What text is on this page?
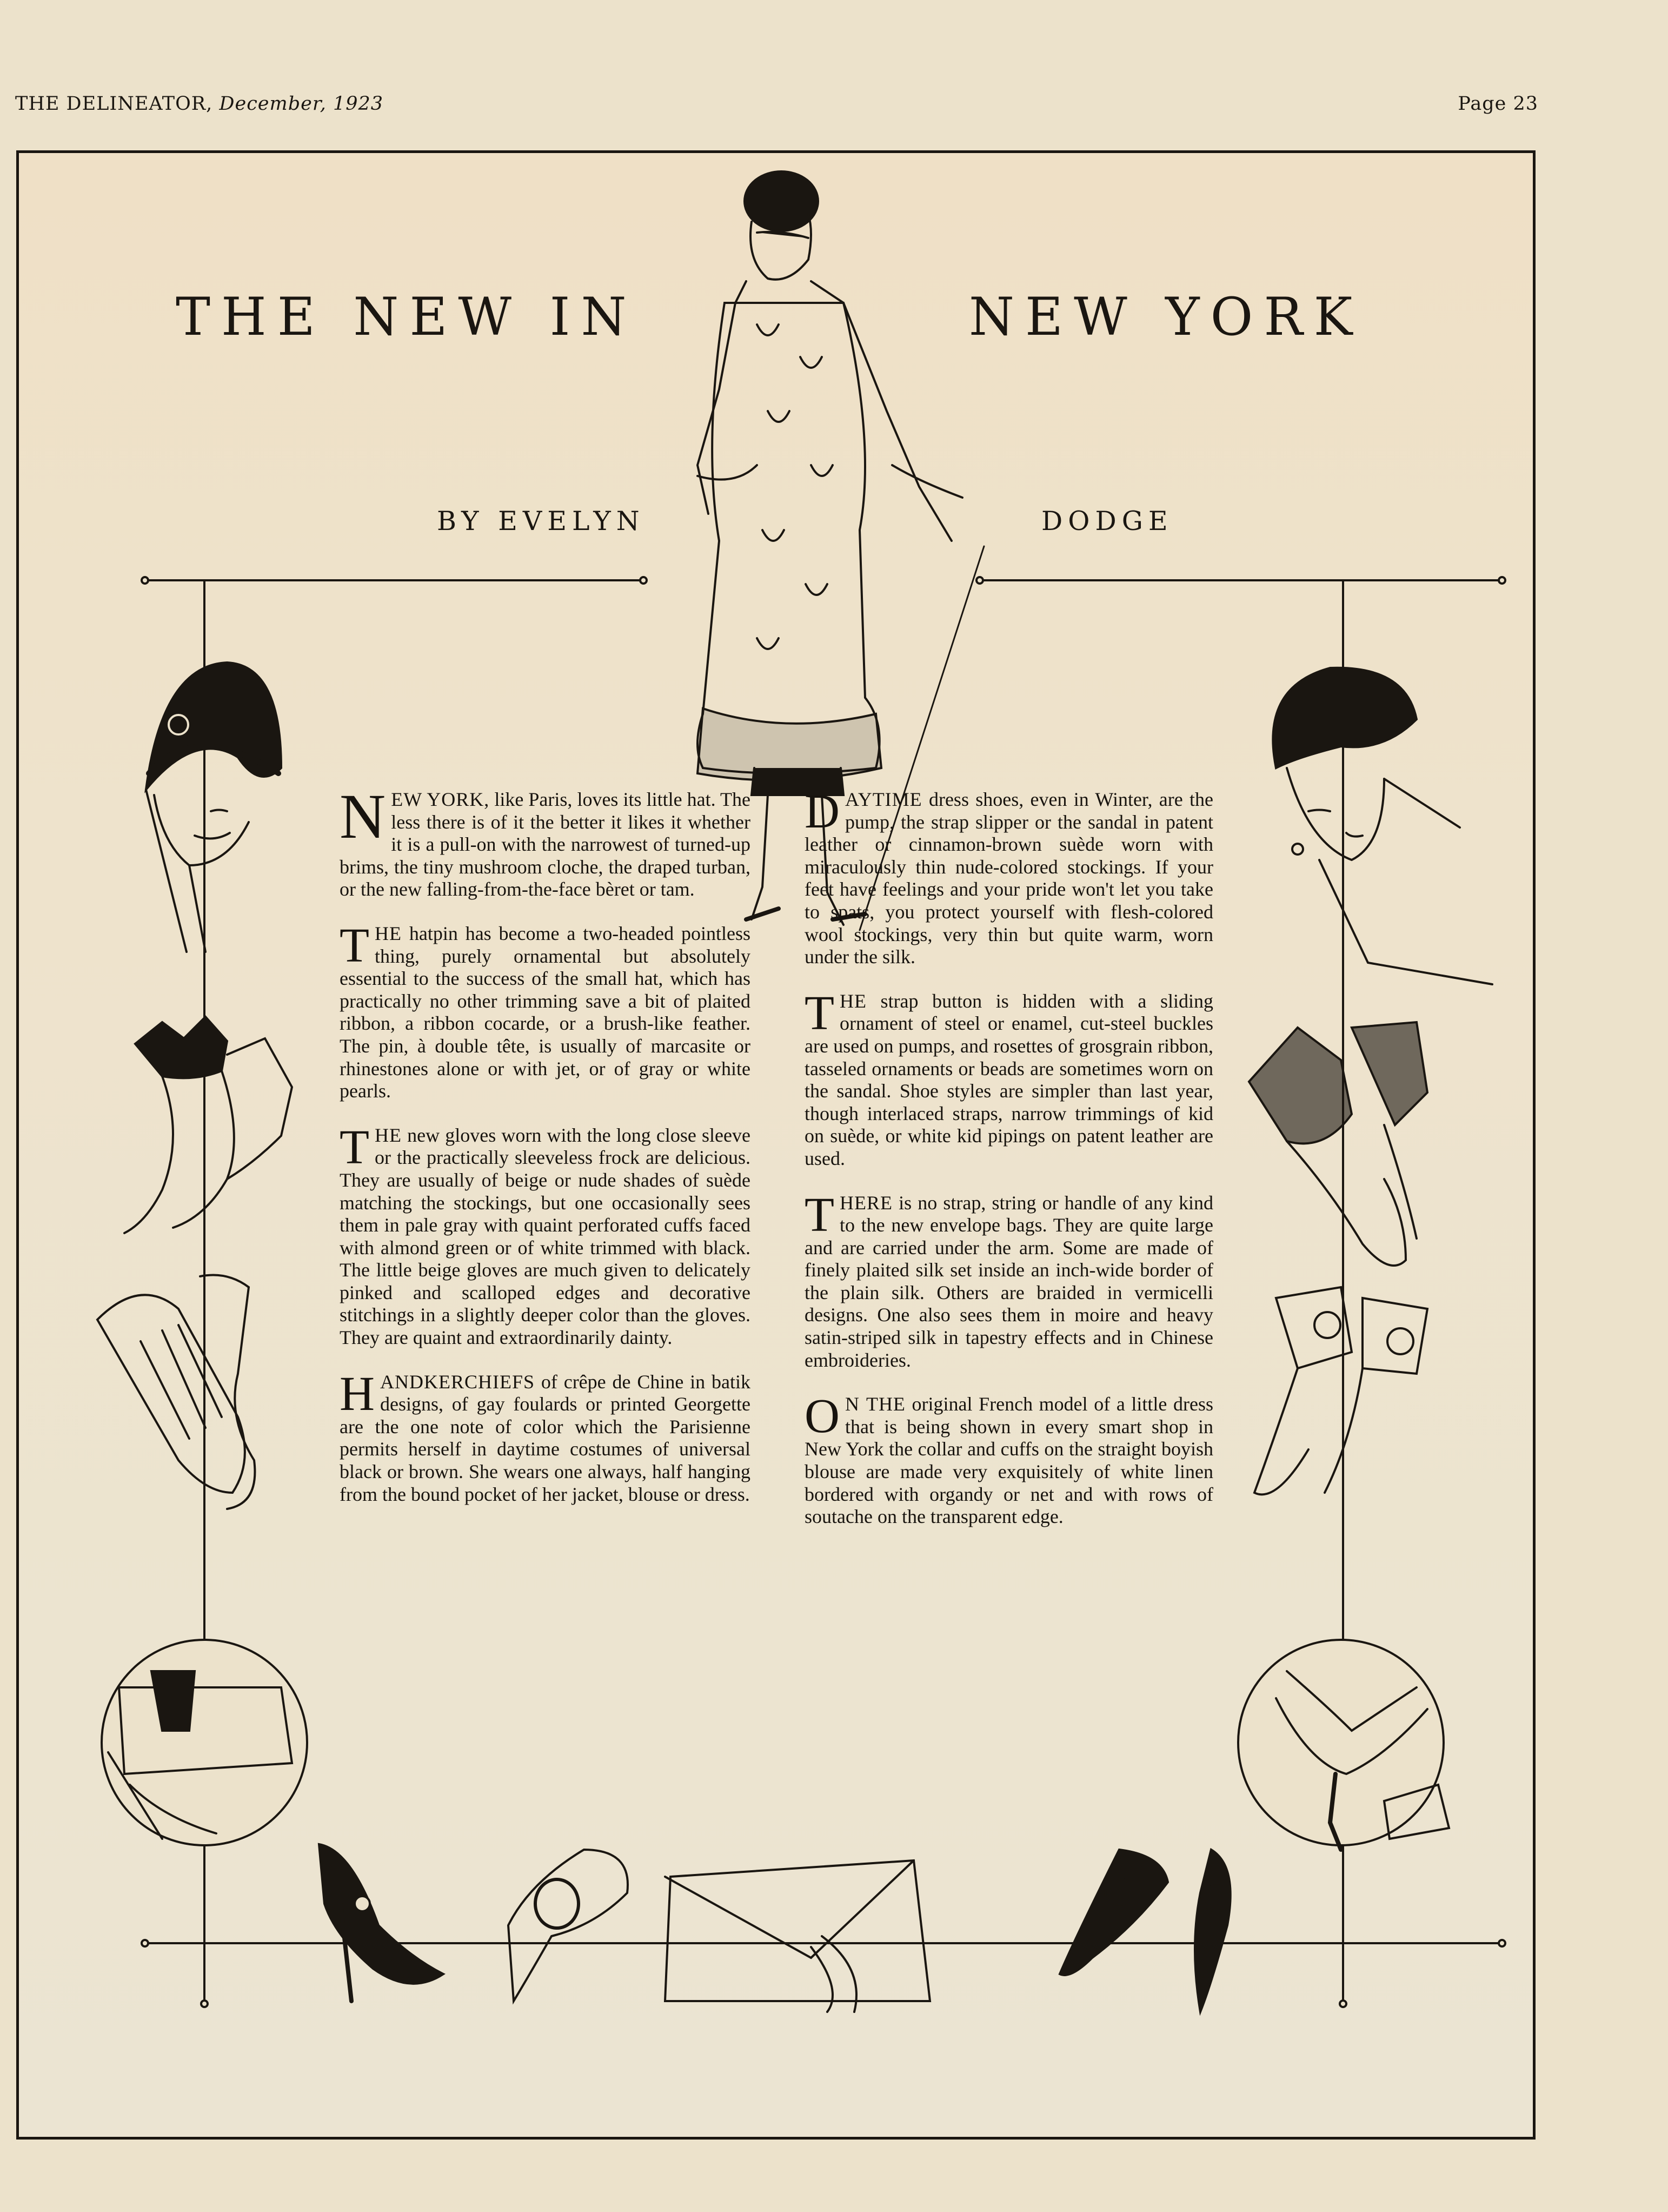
THE DELINEATOR, December, 1923	Page 23
THE NEW IN	NEW YORK
BY EVELYN	DODGE

NEW YORK, like Paris, loves its little hat. The less there is of it the better it likes it whether it is a pull-on with the narrowest of turned-up brims, the tiny mushroom cloche, the draped turban, or the new falling-from-the-face bèret or tam.

THE hatpin has become a two-headed pointless thing, purely ornamental but absolutely essential to the success of the small hat, which has practically no other trimming save a bit of plaited ribbon, a ribbon cocarde, or a brush-like feather. The pin, à double tête, is usually of marcasite or rhinestones alone or with jet, or of gray or white pearls.

THE new gloves worn with the long close sleeve or the practically sleeveless frock are delicious. They are usually of beige or nude shades of suède matching the stockings, but one occasionally sees them in pale gray with quaint perforated cuffs faced with almond green or of white trimmed with black. The little beige gloves are much given to delicately pinked and scalloped edges and decorative stitchings in a slightly deeper color than the gloves. They are quaint and extraordinarily dainty.

HANDKERCHIEFS of crêpe de Chine in batik designs, of gay foulards or printed Georgette are the one note of color which the Parisienne permits herself in daytime costumes of universal black or brown. She wears one always, half hanging from the bound pocket of her jacket, blouse or dress.

DAYTIME dress shoes, even in Winter, are the pump, the strap slipper or the sandal in patent leather or cinnamon-brown suède worn with miraculously thin nude-colored stockings. If your feet have feelings and your pride won't let you take to spats, you protect yourself with flesh-colored wool stockings, very thin but quite warm, worn under the silk.

THE strap button is hidden with a sliding ornament of steel or enamel, cut-steel buckles are used on pumps, and rosettes of grosgrain ribbon, tasseled ornaments or beads are sometimes worn on the sandal. Shoe styles are simpler than last year, though interlaced straps, narrow trimmings of kid on suède, or white kid pipings on patent leather are used.

THERE is no strap, string or handle of any kind to the new envelope bags. They are quite large and are carried under the arm. Some are made of finely plaited silk set inside an inch-wide border of the plain silk. Others are braided in vermicelli designs. One also sees them in moire and heavy satin-striped silk in tapestry effects and in Chinese embroideries.

O N THE original French model of a little dress that is being shown in every smart shop in New York the collar and cuffs on the straight boyish blouse are made very exquisitely of white linen bordered with organdy or net and with rows of soutache on the transparent edge.
